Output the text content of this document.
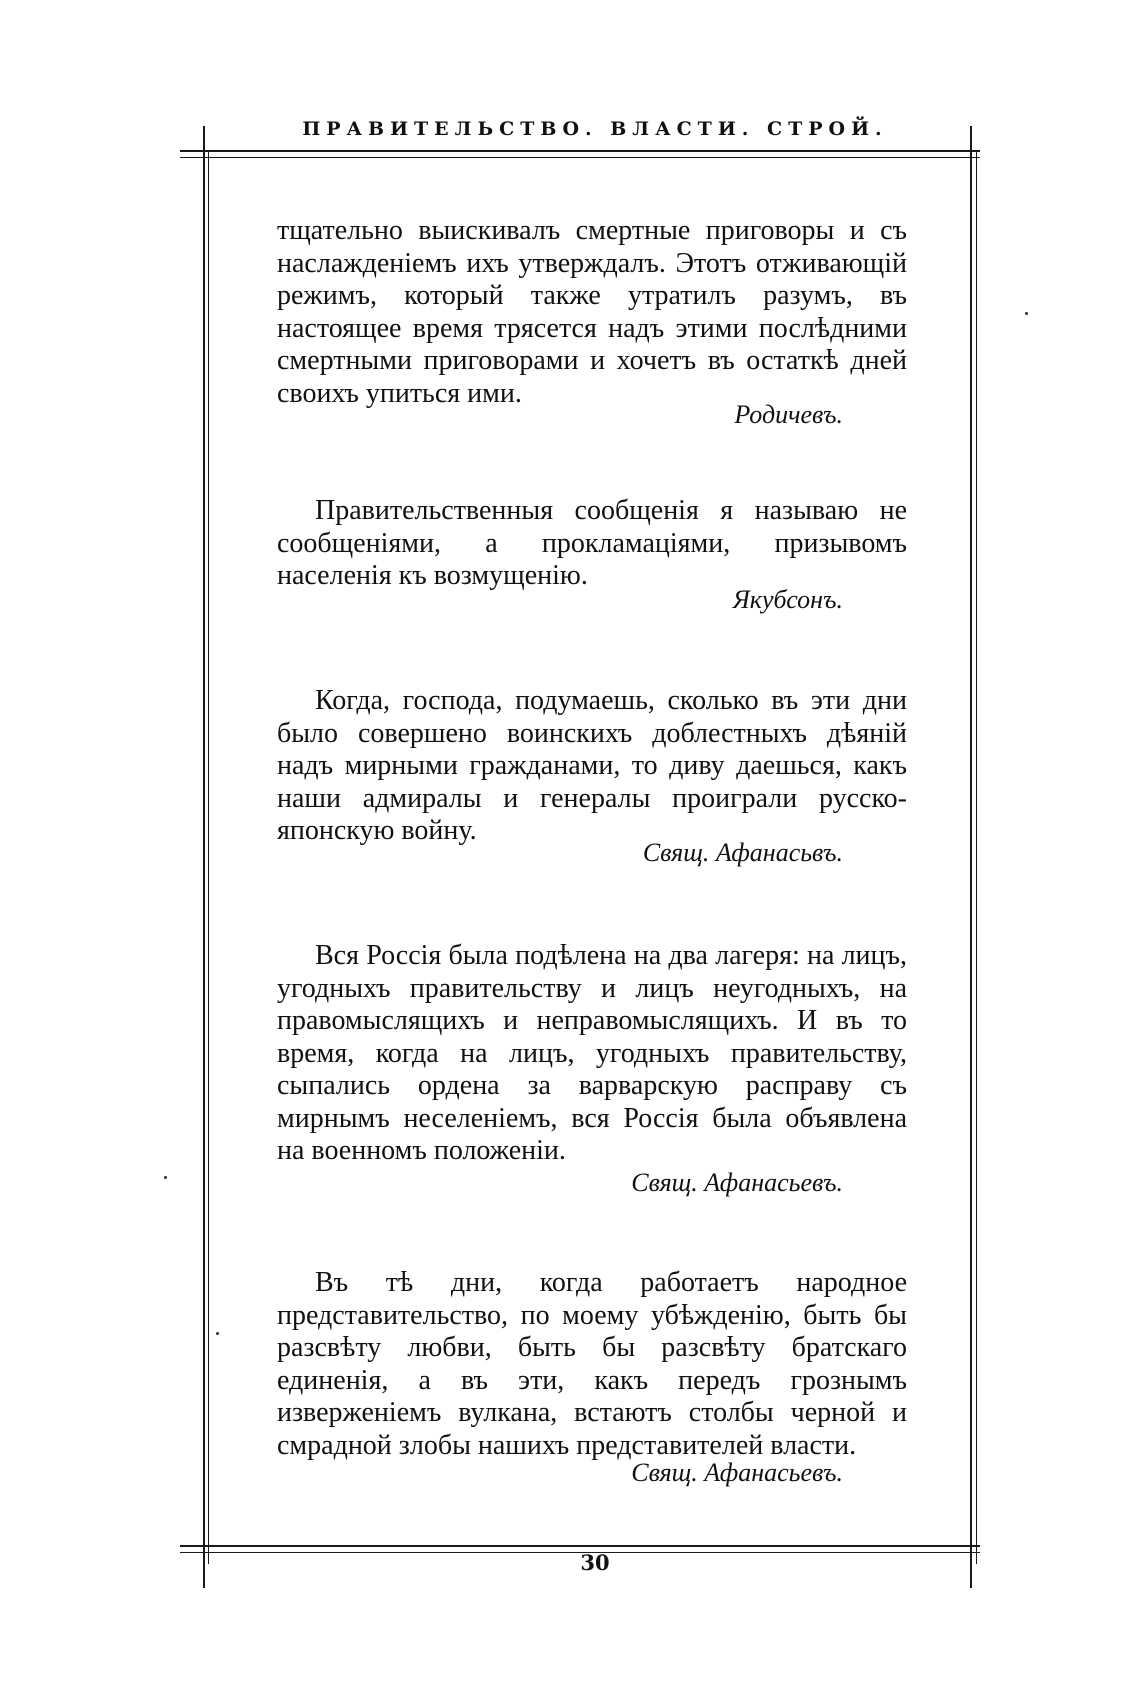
ПРАВИТЕЛЬСТВО. ВЛАСТИ. СТРОЙ.

тщательно выискивалъ смертные приговоры и съ наслажденiемъ ихъ утверждалъ. Этотъ отживающiй режимъ, который также утратилъ разумъ, въ настоящее время трясется надъ этими послѣдними смертными приговорами и хочетъ въ остаткѣ дней своихъ упиться ими.

Родичевъ.

Правительственныя сообщенiя я называю не сообщенiями, а прокламацiями, призывомъ населенiя къ возмущенiю.

Якубсонъ.

Когда, господа, подумаешь, сколько въ эти дни было совершено воинскихъ доблестныхъ дѣянiй надъ мирными гражданами, то диву даешься, какъ наши адмиралы и генералы проиграли русско-японскую войну.

Свящ. Афанасьвъ.

Вся Россiя была подѣлена на два лагеря: на лицъ, угодныхъ правительству и лицъ неугодныхъ, на правомыслящихъ и неправомыслящихъ. И въ то время, когда на лицъ, угодныхъ правительству, сыпались ордена за варварскую расправу съ мирнымъ неселенiемъ, вся Россiя была объявлена на военномъ положенiи.

Свящ. Афанасьевъ.

Въ тѣ дни, когда работаетъ народное представительство, по моему убѣжденiю, быть бы разсвѣту любви, быть бы разсвѣту братскаго единенiя, а въ эти, какъ передъ грознымъ изверженiемъ вулкана, встаютъ столбы черной и смрадной злобы нашихъ представителей власти.

Свящ. Афанасьевъ.
30
